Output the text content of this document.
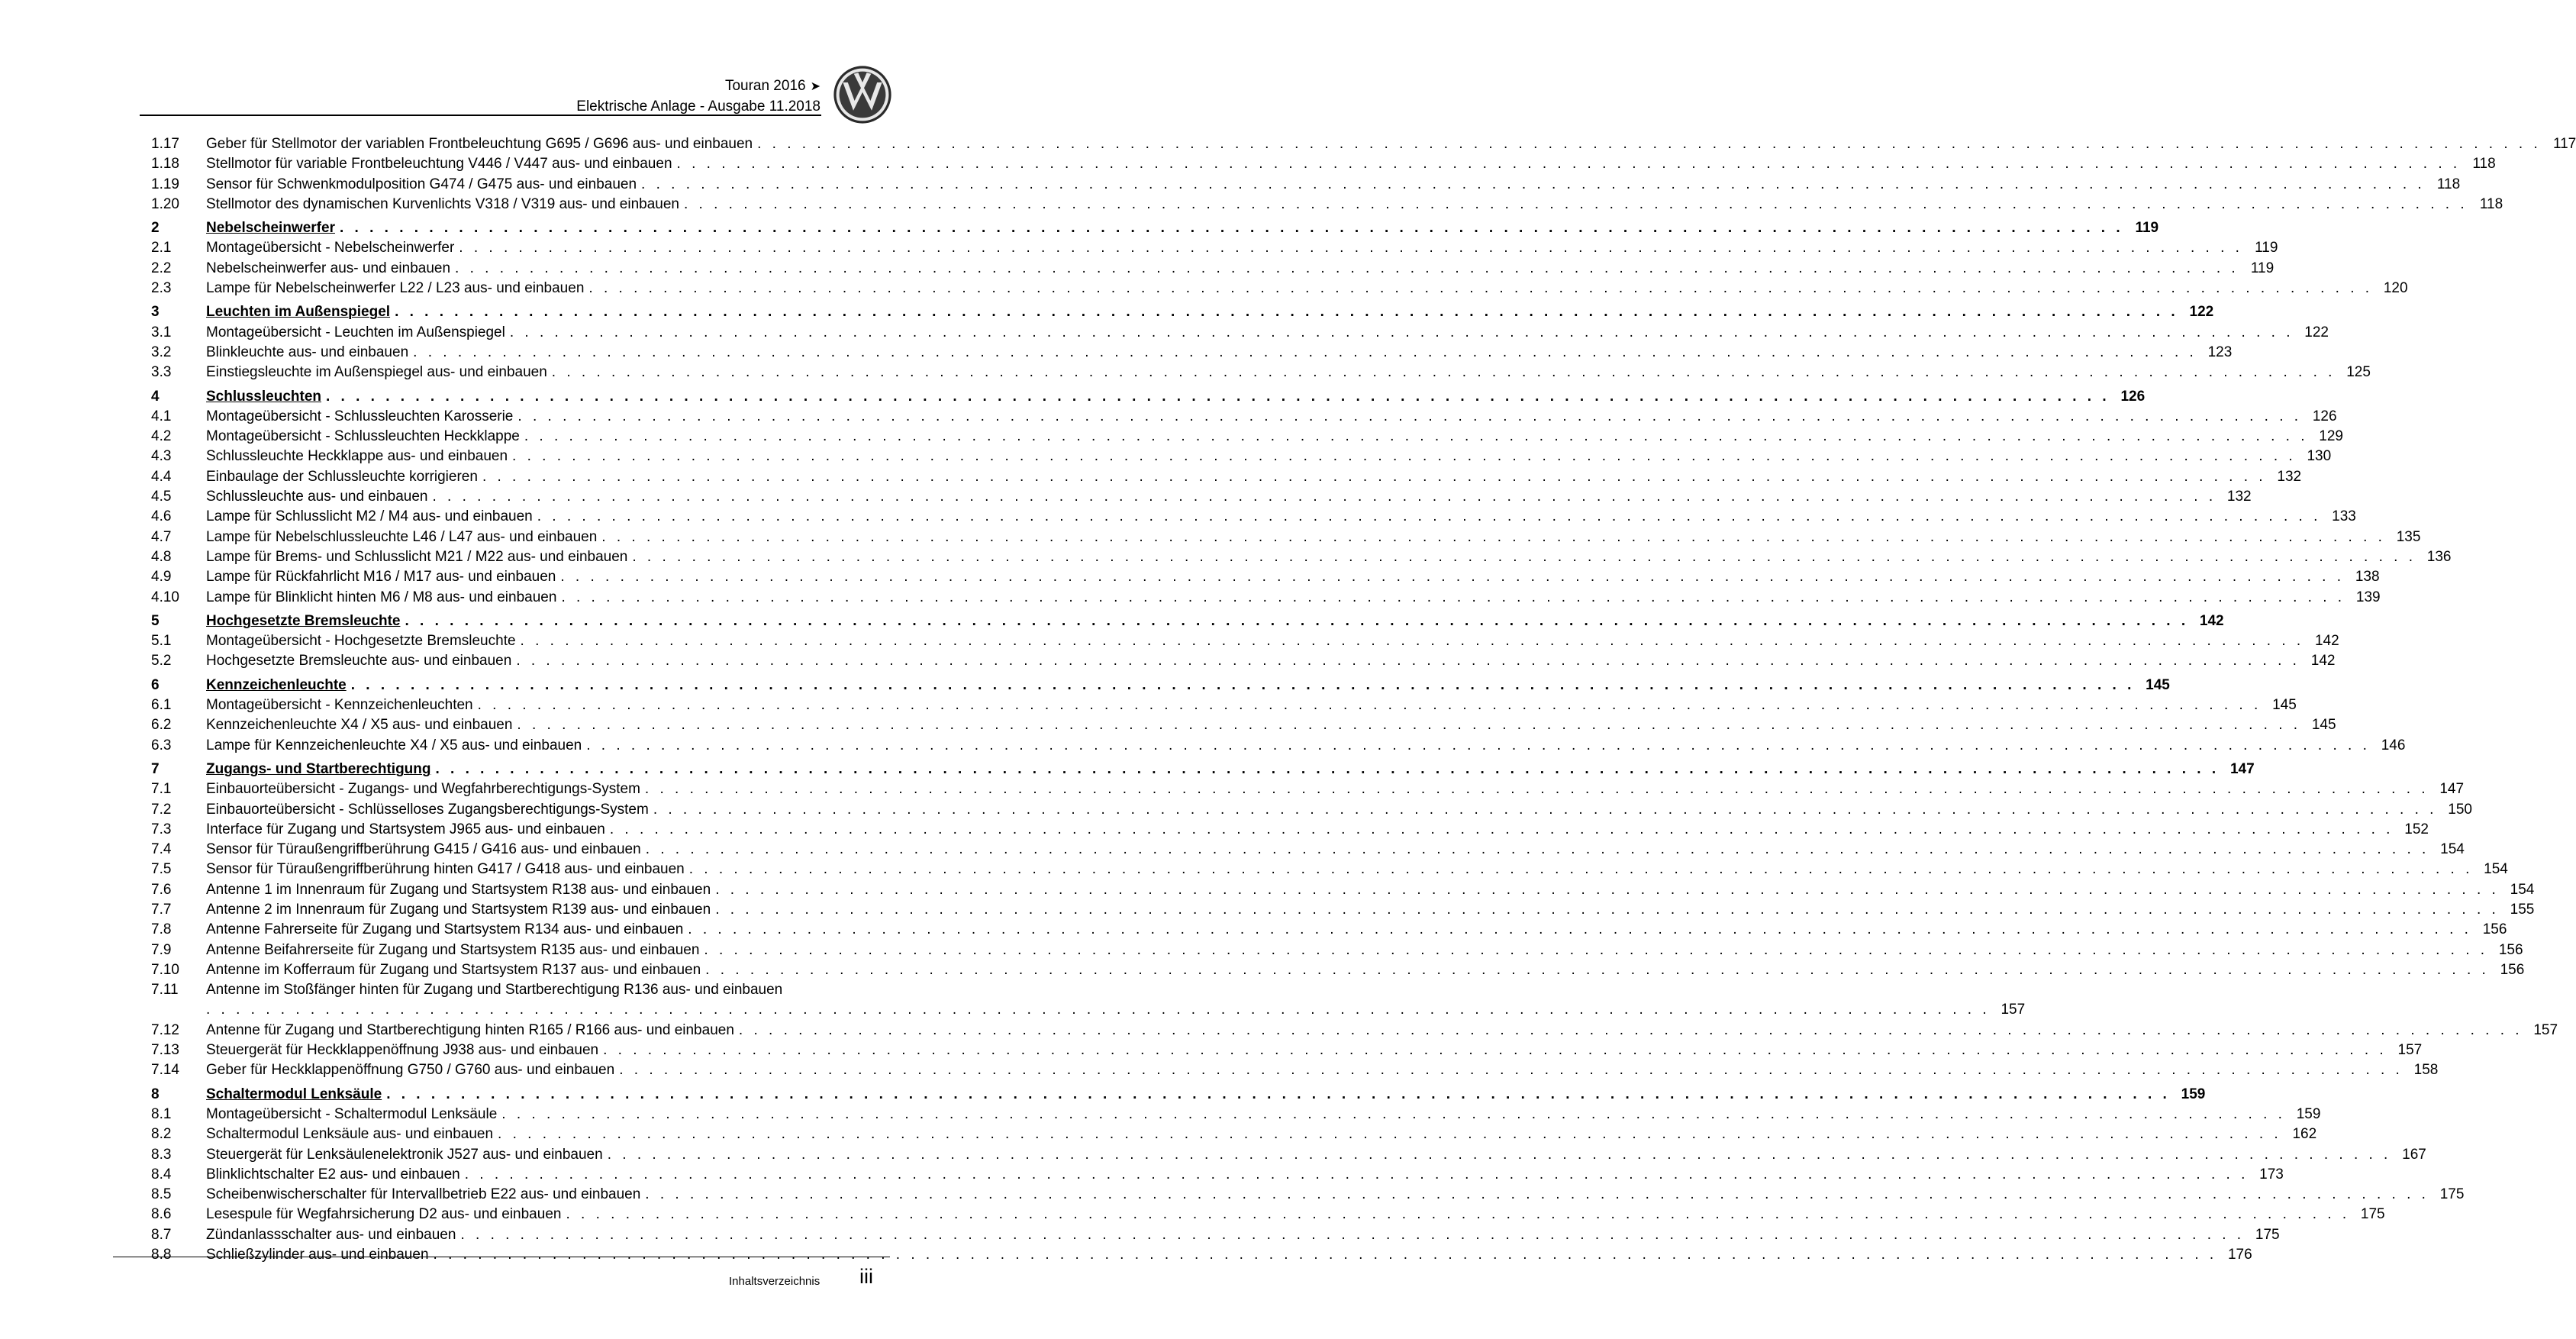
Touran 2016 ➤
Elektrische Anlage - Ausgabe 11.2018
1.17	Geber für Stellmotor der variablen Frontbeleuchtung G695 / G696 aus- und einbauen . . . . . . . . . . . . . . . . . . . . . . . . . . . . . . . . . . . . . . . . . . . . . . . . . . . . . . . . . . . . . . . . . . . . . . . . . . . . . . . . . . . . . . . . . . . . . . . . . . . . . . . . . . . . . . . . . . . . . . . . 117
1.18	Stellmotor für variable Frontbeleuchtung V446 / V447 aus- und einbauen . . . . . . . . . . . . . . . . . . . . . . . . . . . . . . . . . . . . . . . . . . . . . . . . . . . . . . . . . . . . . . . . . . . . . . . . . . . . . . . . . . . . . . . . . . . . . . . . . . . . . . . . . . . . . . . . . . . . . . . . 118
1.19	Sensor für Schwenkmodulposition G474 / G475 aus- und einbauen . . . . . . . . . . . . . . . . . . . . . . . . . . . . . . . . . . . . . . . . . . . . . . . . . . . . . . . . . . . . . . . . . . . . . . . . . . . . . . . . . . . . . . . . . . . . . . . . . . . . . . . . . . . . . . . . . . . . . . . . 118
1.20	Stellmotor des dynamischen Kurvenlichts V318 / V319 aus- und einbauen . . . . . . . . . . . . . . . . . . . . . . . . . . . . . . . . . . . . . . . . . . . . . . . . . . . . . . . . . . . . . . . . . . . . . . . . . . . . . . . . . . . . . . . . . . . . . . . . . . . . . . . . . . . . . . . . . . . . . . . . 118
2	Nebelscheinwerfer . . . . . . . . . . . . . . . . . . . . . . . . . . . . . . . . . . . . . . . . . . . . . . . . . . . . . . . . . . . . . . . . . . . . . . . . . . . . . . . . . . . . . . . . . . . . . . . . . . . . . . . . . . . . . . . . . . . . . . . . 119
2.1	Montageübersicht - Nebelscheinwerfer . . . . . . . . . . . . . . . . . . . . . . . . . . . . . . . . . . . . . . . . . . . . . . . . . . . . . . . . . . . . . . . . . . . . . . . . . . . . . . . . . . . . . . . . . . . . . . . . . . . . . . . . . . . . . . . . . . . . . . . . 119
2.2	Nebelscheinwerfer aus- und einbauen . . . . . . . . . . . . . . . . . . . . . . . . . . . . . . . . . . . . . . . . . . . . . . . . . . . . . . . . . . . . . . . . . . . . . . . . . . . . . . . . . . . . . . . . . . . . . . . . . . . . . . . . . . . . . . . . . . . . . . . . 119
2.3	Lampe für Nebelscheinwerfer L22 / L23 aus- und einbauen . . . . . . . . . . . . . . . . . . . . . . . . . . . . . . . . . . . . . . . . . . . . . . . . . . . . . . . . . . . . . . . . . . . . . . . . . . . . . . . . . . . . . . . . . . . . . . . . . . . . . . . . . . . . . . . . . . . . . . . . 120
3	Leuchten im Außenspiegel . . . . . . . . . . . . . . . . . . . . . . . . . . . . . . . . . . . . . . . . . . . . . . . . . . . . . . . . . . . . . . . . . . . . . . . . . . . . . . . . . . . . . . . . . . . . . . . . . . . . . . . . . . . . . . . . . . . . . . . . 122
3.1	Montageübersicht - Leuchten im Außenspiegel . . . . . . . . . . . . . . . . . . . . . . . . . . . . . . . . . . . . . . . . . . . . . . . . . . . . . . . . . . . . . . . . . . . . . . . . . . . . . . . . . . . . . . . . . . . . . . . . . . . . . . . . . . . . . . . . . . . . . . . . 122
3.2	Blinkleuchte aus- und einbauen . . . . . . . . . . . . . . . . . . . . . . . . . . . . . . . . . . . . . . . . . . . . . . . . . . . . . . . . . . . . . . . . . . . . . . . . . . . . . . . . . . . . . . . . . . . . . . . . . . . . . . . . . . . . . . . . . . . . . . . . 123
3.3	Einstiegsleuchte im Außenspiegel aus- und einbauen . . . . . . . . . . . . . . . . . . . . . . . . . . . . . . . . . . . . . . . . . . . . . . . . . . . . . . . . . . . . . . . . . . . . . . . . . . . . . . . . . . . . . . . . . . . . . . . . . . . . . . . . . . . . . . . . . . . . . . . . 125
4	Schlussleuchten . . . . . . . . . . . . . . . . . . . . . . . . . . . . . . . . . . . . . . . . . . . . . . . . . . . . . . . . . . . . . . . . . . . . . . . . . . . . . . . . . . . . . . . . . . . . . . . . . . . . . . . . . . . . . . . . . . . . . . . . 126
4.1	Montageübersicht - Schlussleuchten Karosserie . . . . . . . . . . . . . . . . . . . . . . . . . . . . . . . . . . . . . . . . . . . . . . . . . . . . . . . . . . . . . . . . . . . . . . . . . . . . . . . . . . . . . . . . . . . . . . . . . . . . . . . . . . . . . . . . . . . . . . . . 126
4.2	Montageübersicht - Schlussleuchten Heckklappe . . . . . . . . . . . . . . . . . . . . . . . . . . . . . . . . . . . . . . . . . . . . . . . . . . . . . . . . . . . . . . . . . . . . . . . . . . . . . . . . . . . . . . . . . . . . . . . . . . . . . . . . . . . . . . . . . . . . . . . . 129
4.3	Schlussleuchte Heckklappe aus- und einbauen . . . . . . . . . . . . . . . . . . . . . . . . . . . . . . . . . . . . . . . . . . . . . . . . . . . . . . . . . . . . . . . . . . . . . . . . . . . . . . . . . . . . . . . . . . . . . . . . . . . . . . . . . . . . . . . . . . . . . . . . 130
4.4	Einbaulage der Schlussleuchte korrigieren . . . . . . . . . . . . . . . . . . . . . . . . . . . . . . . . . . . . . . . . . . . . . . . . . . . . . . . . . . . . . . . . . . . . . . . . . . . . . . . . . . . . . . . . . . . . . . . . . . . . . . . . . . . . . . . . . . . . . . . . 132
4.5	Schlussleuchte aus- und einbauen . . . . . . . . . . . . . . . . . . . . . . . . . . . . . . . . . . . . . . . . . . . . . . . . . . . . . . . . . . . . . . . . . . . . . . . . . . . . . . . . . . . . . . . . . . . . . . . . . . . . . . . . . . . . . . . . . . . . . . . . 132
4.6	Lampe für Schlusslicht M2 / M4 aus- und einbauen . . . . . . . . . . . . . . . . . . . . . . . . . . . . . . . . . . . . . . . . . . . . . . . . . . . . . . . . . . . . . . . . . . . . . . . . . . . . . . . . . . . . . . . . . . . . . . . . . . . . . . . . . . . . . . . . . . . . . . . . 133
4.7	Lampe für Nebelschlussleuchte L46 / L47 aus- und einbauen . . . . . . . . . . . . . . . . . . . . . . . . . . . . . . . . . . . . . . . . . . . . . . . . . . . . . . . . . . . . . . . . . . . . . . . . . . . . . . . . . . . . . . . . . . . . . . . . . . . . . . . . . . . . . . . . . . . . . . . . 135
4.8	Lampe für Brems- und Schlusslicht M21 / M22 aus- und einbauen . . . . . . . . . . . . . . . . . . . . . . . . . . . . . . . . . . . . . . . . . . . . . . . . . . . . . . . . . . . . . . . . . . . . . . . . . . . . . . . . . . . . . . . . . . . . . . . . . . . . . . . . . . . . . . . . . . . . . . . . 136
4.9	Lampe für Rückfahrlicht M16 / M17 aus- und einbauen . . . . . . . . . . . . . . . . . . . . . . . . . . . . . . . . . . . . . . . . . . . . . . . . . . . . . . . . . . . . . . . . . . . . . . . . . . . . . . . . . . . . . . . . . . . . . . . . . . . . . . . . . . . . . . . . . . . . . . . . 138
4.10	Lampe für Blinklicht hinten M6 / M8 aus- und einbauen . . . . . . . . . . . . . . . . . . . . . . . . . . . . . . . . . . . . . . . . . . . . . . . . . . . . . . . . . . . . . . . . . . . . . . . . . . . . . . . . . . . . . . . . . . . . . . . . . . . . . . . . . . . . . . . . . . . . . . . . 139
5	Hochgesetzte Bremsleuchte . . . . . . . . . . . . . . . . . . . . . . . . . . . . . . . . . . . . . . . . . . . . . . . . . . . . . . . . . . . . . . . . . . . . . . . . . . . . . . . . . . . . . . . . . . . . . . . . . . . . . . . . . . . . . . . . . . . . . . . . 142
5.1	Montageübersicht - Hochgesetzte Bremsleuchte . . . . . . . . . . . . . . . . . . . . . . . . . . . . . . . . . . . . . . . . . . . . . . . . . . . . . . . . . . . . . . . . . . . . . . . . . . . . . . . . . . . . . . . . . . . . . . . . . . . . . . . . . . . . . . . . . . . . . . . . 142
5.2	Hochgesetzte Bremsleuchte aus- und einbauen . . . . . . . . . . . . . . . . . . . . . . . . . . . . . . . . . . . . . . . . . . . . . . . . . . . . . . . . . . . . . . . . . . . . . . . . . . . . . . . . . . . . . . . . . . . . . . . . . . . . . . . . . . . . . . . . . . . . . . . . 142
6	Kennzeichenleuchte . . . . . . . . . . . . . . . . . . . . . . . . . . . . . . . . . . . . . . . . . . . . . . . . . . . . . . . . . . . . . . . . . . . . . . . . . . . . . . . . . . . . . . . . . . . . . . . . . . . . . . . . . . . . . . . . . . . . . . . . 145
6.1	Montageübersicht - Kennzeichenleuchten . . . . . . . . . . . . . . . . . . . . . . . . . . . . . . . . . . . . . . . . . . . . . . . . . . . . . . . . . . . . . . . . . . . . . . . . . . . . . . . . . . . . . . . . . . . . . . . . . . . . . . . . . . . . . . . . . . . . . . . . 145
6.2	Kennzeichenleuchte X4 / X5 aus- und einbauen . . . . . . . . . . . . . . . . . . . . . . . . . . . . . . . . . . . . . . . . . . . . . . . . . . . . . . . . . . . . . . . . . . . . . . . . . . . . . . . . . . . . . . . . . . . . . . . . . . . . . . . . . . . . . . . . . . . . . . . . 145
6.3	Lampe für Kennzeichenleuchte X4 / X5 aus- und einbauen . . . . . . . . . . . . . . . . . . . . . . . . . . . . . . . . . . . . . . . . . . . . . . . . . . . . . . . . . . . . . . . . . . . . . . . . . . . . . . . . . . . . . . . . . . . . . . . . . . . . . . . . . . . . . . . . . . . . . . . . 146
7	Zugangs- und Startberechtigung . . . . . . . . . . . . . . . . . . . . . . . . . . . . . . . . . . . . . . . . . . . . . . . . . . . . . . . . . . . . . . . . . . . . . . . . . . . . . . . . . . . . . . . . . . . . . . . . . . . . . . . . . . . . . . . . . . . . . . . . 147
7.1	Einbauorteübersicht - Zugangs- und Wegfahrberechtigungs-System . . . . . . . . . . . . . . . . . . . . . . . . . . . . . . . . . . . . . . . . . . . . . . . . . . . . . . . . . . . . . . . . . . . . . . . . . . . . . . . . . . . . . . . . . . . . . . . . . . . . . . . . . . . . . . . . . . . . . . . . 147
7.2	Einbauorteübersicht - Schlüsselloses Zugangsberechtigungs-System . . . . . . . . . . . . . . . . . . . . . . . . . . . . . . . . . . . . . . . . . . . . . . . . . . . . . . . . . . . . . . . . . . . . . . . . . . . . . . . . . . . . . . . . . . . . . . . . . . . . . . . . . . . . . . . . . . . . . . . . 150
7.3	Interface für Zugang und Startsystem J965 aus- und einbauen . . . . . . . . . . . . . . . . . . . . . . . . . . . . . . . . . . . . . . . . . . . . . . . . . . . . . . . . . . . . . . . . . . . . . . . . . . . . . . . . . . . . . . . . . . . . . . . . . . . . . . . . . . . . . . . . . . . . . . . . 152
7.4	Sensor für Türaußengriffberührung G415 / G416 aus- und einbauen . . . . . . . . . . . . . . . . . . . . . . . . . . . . . . . . . . . . . . . . . . . . . . . . . . . . . . . . . . . . . . . . . . . . . . . . . . . . . . . . . . . . . . . . . . . . . . . . . . . . . . . . . . . . . . . . . . . . . . . . 154
7.5	Sensor für Türaußengriffberührung hinten G417 / G418 aus- und einbauen . . . . . . . . . . . . . . . . . . . . . . . . . . . . . . . . . . . . . . . . . . . . . . . . . . . . . . . . . . . . . . . . . . . . . . . . . . . . . . . . . . . . . . . . . . . . . . . . . . . . . . . . . . . . . . . . . . . . . . . . 154
7.6	Antenne 1 im Innenraum für Zugang und Startsystem R138 aus- und einbauen . . . . . . . . . . . . . . . . . . . . . . . . . . . . . . . . . . . . . . . . . . . . . . . . . . . . . . . . . . . . . . . . . . . . . . . . . . . . . . . . . . . . . . . . . . . . . . . . . . . . . . . . . . . . . . . . . . . . . . . . 154
7.7	Antenne 2 im Innenraum für Zugang und Startsystem R139 aus- und einbauen . . . . . . . . . . . . . . . . . . . . . . . . . . . . . . . . . . . . . . . . . . . . . . . . . . . . . . . . . . . . . . . . . . . . . . . . . . . . . . . . . . . . . . . . . . . . . . . . . . . . . . . . . . . . . . . . . . . . . . . . 155
7.8	Antenne Fahrerseite für Zugang und Startsystem R134 aus- und einbauen . . . . . . . . . . . . . . . . . . . . . . . . . . . . . . . . . . . . . . . . . . . . . . . . . . . . . . . . . . . . . . . . . . . . . . . . . . . . . . . . . . . . . . . . . . . . . . . . . . . . . . . . . . . . . . . . . . . . . . . . 156
7.9	Antenne Beifahrerseite für Zugang und Startsystem R135 aus- und einbauen . . . . . . . . . . . . . . . . . . . . . . . . . . . . . . . . . . . . . . . . . . . . . . . . . . . . . . . . . . . . . . . . . . . . . . . . . . . . . . . . . . . . . . . . . . . . . . . . . . . . . . . . . . . . . . . . . . . . . . . . 156
7.10	Antenne im Kofferraum für Zugang und Startsystem R137 aus- und einbauen . . . . . . . . . . . . . . . . . . . . . . . . . . . . . . . . . . . . . . . . . . . . . . . . . . . . . . . . . . . . . . . . . . . . . . . . . . . . . . . . . . . . . . . . . . . . . . . . . . . . . . . . . . . . . . . . . . . . . . . . 156
7.11	Antenne im Stoßfänger hinten für Zugang und Startberechtigung R136 aus- und einbauen
. . . . . . . . . . . . . . . . . . . . . . . . . . . . . . . . . . . . . . . . . . . . . . . . . . . . . . . . . . . . . . . . . . . . . . . . . . . . . . . . . . . . . . . . . . . . . . . . . . . . . . . . . . . . . . . . . . . . . . . . 157
7.12	Antenne für Zugang und Startberechtigung hinten R165 / R166 aus- und einbauen . . . . . . . . . . . . . . . . . . . . . . . . . . . . . . . . . . . . . . . . . . . . . . . . . . . . . . . . . . . . . . . . . . . . . . . . . . . . . . . . . . . . . . . . . . . . . . . . . . . . . . . . . . . . . . . . . . . . . . . . 157
7.13	Steuergerät für Heckklappenöffnung J938 aus- und einbauen . . . . . . . . . . . . . . . . . . . . . . . . . . . . . . . . . . . . . . . . . . . . . . . . . . . . . . . . . . . . . . . . . . . . . . . . . . . . . . . . . . . . . . . . . . . . . . . . . . . . . . . . . . . . . . . . . . . . . . . . 157
7.14	Geber für Heckklappenöffnung G750 / G760 aus- und einbauen . . . . . . . . . . . . . . . . . . . . . . . . . . . . . . . . . . . . . . . . . . . . . . . . . . . . . . . . . . . . . . . . . . . . . . . . . . . . . . . . . . . . . . . . . . . . . . . . . . . . . . . . . . . . . . . . . . . . . . . . 158
8	Schaltermodul Lenksäule . . . . . . . . . . . . . . . . . . . . . . . . . . . . . . . . . . . . . . . . . . . . . . . . . . . . . . . . . . . . . . . . . . . . . . . . . . . . . . . . . . . . . . . . . . . . . . . . . . . . . . . . . . . . . . . . . . . . . . . . 159
8.1	Montageübersicht - Schaltermodul Lenksäule . . . . . . . . . . . . . . . . . . . . . . . . . . . . . . . . . . . . . . . . . . . . . . . . . . . . . . . . . . . . . . . . . . . . . . . . . . . . . . . . . . . . . . . . . . . . . . . . . . . . . . . . . . . . . . . . . . . . . . . . 159
8.2	Schaltermodul Lenksäule aus- und einbauen . . . . . . . . . . . . . . . . . . . . . . . . . . . . . . . . . . . . . . . . . . . . . . . . . . . . . . . . . . . . . . . . . . . . . . . . . . . . . . . . . . . . . . . . . . . . . . . . . . . . . . . . . . . . . . . . . . . . . . . . 162
8.3	Steuergerät für Lenksäulenelektronik J527 aus- und einbauen . . . . . . . . . . . . . . . . . . . . . . . . . . . . . . . . . . . . . . . . . . . . . . . . . . . . . . . . . . . . . . . . . . . . . . . . . . . . . . . . . . . . . . . . . . . . . . . . . . . . . . . . . . . . . . . . . . . . . . . . 167
8.4	Blinklichtschalter E2 aus- und einbauen . . . . . . . . . . . . . . . . . . . . . . . . . . . . . . . . . . . . . . . . . . . . . . . . . . . . . . . . . . . . . . . . . . . . . . . . . . . . . . . . . . . . . . . . . . . . . . . . . . . . . . . . . . . . . . . . . . . . . . . . 173
8.5	Scheibenwischerschalter für Intervallbetrieb E22 aus- und einbauen . . . . . . . . . . . . . . . . . . . . . . . . . . . . . . . . . . . . . . . . . . . . . . . . . . . . . . . . . . . . . . . . . . . . . . . . . . . . . . . . . . . . . . . . . . . . . . . . . . . . . . . . . . . . . . . . . . . . . . . . 175
8.6	Lesespule für Wegfahrsicherung D2 aus- und einbauen . . . . . . . . . . . . . . . . . . . . . . . . . . . . . . . . . . . . . . . . . . . . . . . . . . . . . . . . . . . . . . . . . . . . . . . . . . . . . . . . . . . . . . . . . . . . . . . . . . . . . . . . . . . . . . . . . . . . . . . . 175
8.7	Zündanlassschalter aus- und einbauen . . . . . . . . . . . . . . . . . . . . . . . . . . . . . . . . . . . . . . . . . . . . . . . . . . . . . . . . . . . . . . . . . . . . . . . . . . . . . . . . . . . . . . . . . . . . . . . . . . . . . . . . . . . . . . . . . . . . . . . . 175
8.8	Schließzylinder aus- und einbauen . . . . . . . . . . . . . . . . . . . . . . . . . . . . . . . . . . . . . . . . . . . . . . . . . . . . . . . . . . . . . . . . . . . . . . . . . . . . . . . . . . . . . . . . . . . . . . . . . . . . . . . . . . . . . . . . . . . . . . . . 176
Inhaltsverzeichnis iii
